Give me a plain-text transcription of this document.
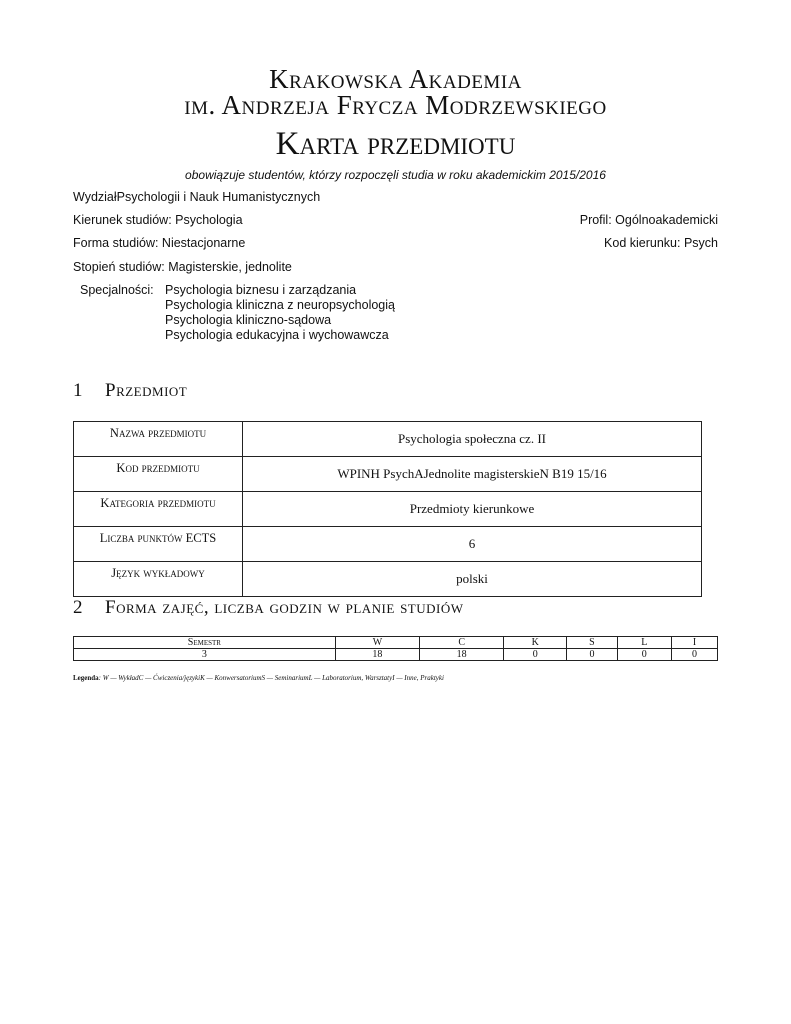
Krakowska Akademia
im. Andrzeja Frycza Modrzewskiego
Karta przedmiotu
obowiązuje studentów, którzy rozpoczęli studia w roku akademickim 2015/2016
WydziałPsychologii i Nauk Humanistycznych
Kierunek studiów: Psychologia	Profil: Ogólnoakademicki
Forma studiów: Niestacjonarne	Kod kierunku: Psych
Stopień studiów: Magisterskie, jednolite
Specjalności: Psychologia biznesu i zarządzania
Psychologia kliniczna z neuropsychologią
Psychologia kliniczno-sądowa
Psychologia edukacyjna i wychowawcza
1 Przedmiot
Nazwa przedmiotu	Psychologia społeczna cz. II
Kod przedmiotu	WPINH PsychAJednolite magisterskieN B19 15/16
Kategoria przedmiotu	Przedmioty kierunkowe
Liczba punktów ECTS	6
Język wykładowy	polski
2 Forma zajęć, liczba godzin w planie studiów
Semestr	W	C	K	S	L	I
3	18	18	0	0	0	0
Legenda: W — WykładC — Ćwiczenia/językiK — KonwersatoriumS — SeminariumL — Laboratorium, WarsztatyI — Inne, Praktyki
